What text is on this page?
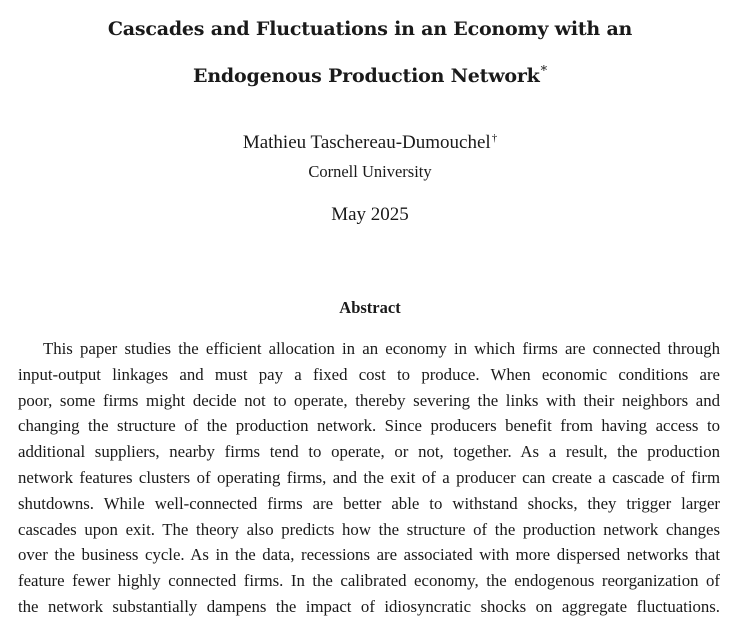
Cascades and Fluctuations in an Economy with an
Endogenous Production Network*
Mathieu Taschereau-Dumouchel†
Cornell University
May 2025
Abstract
This paper studies the efficient allocation in an economy in which firms are connected through
input-output linkages and must pay a fixed cost to produce. When economic conditions are
poor, some firms might decide not to operate, thereby severing the links with their neighbors and
changing the structure of the production network. Since producers benefit from having access to
additional suppliers, nearby firms tend to operate, or not, together. As a result, the production
network features clusters of operating firms, and the exit of a producer can create a cascade of firm
shutdowns. While well-connected firms are better able to withstand shocks, they trigger larger
cascades upon exit. The theory also predicts how the structure of the production network changes
over the business cycle. As in the data, recessions are associated with more dispersed networks that
feature fewer highly connected firms. In the calibrated economy, the endogenous reorganization of
the network substantially dampens the impact of idiosyncratic shocks on aggregate fluctuations.
